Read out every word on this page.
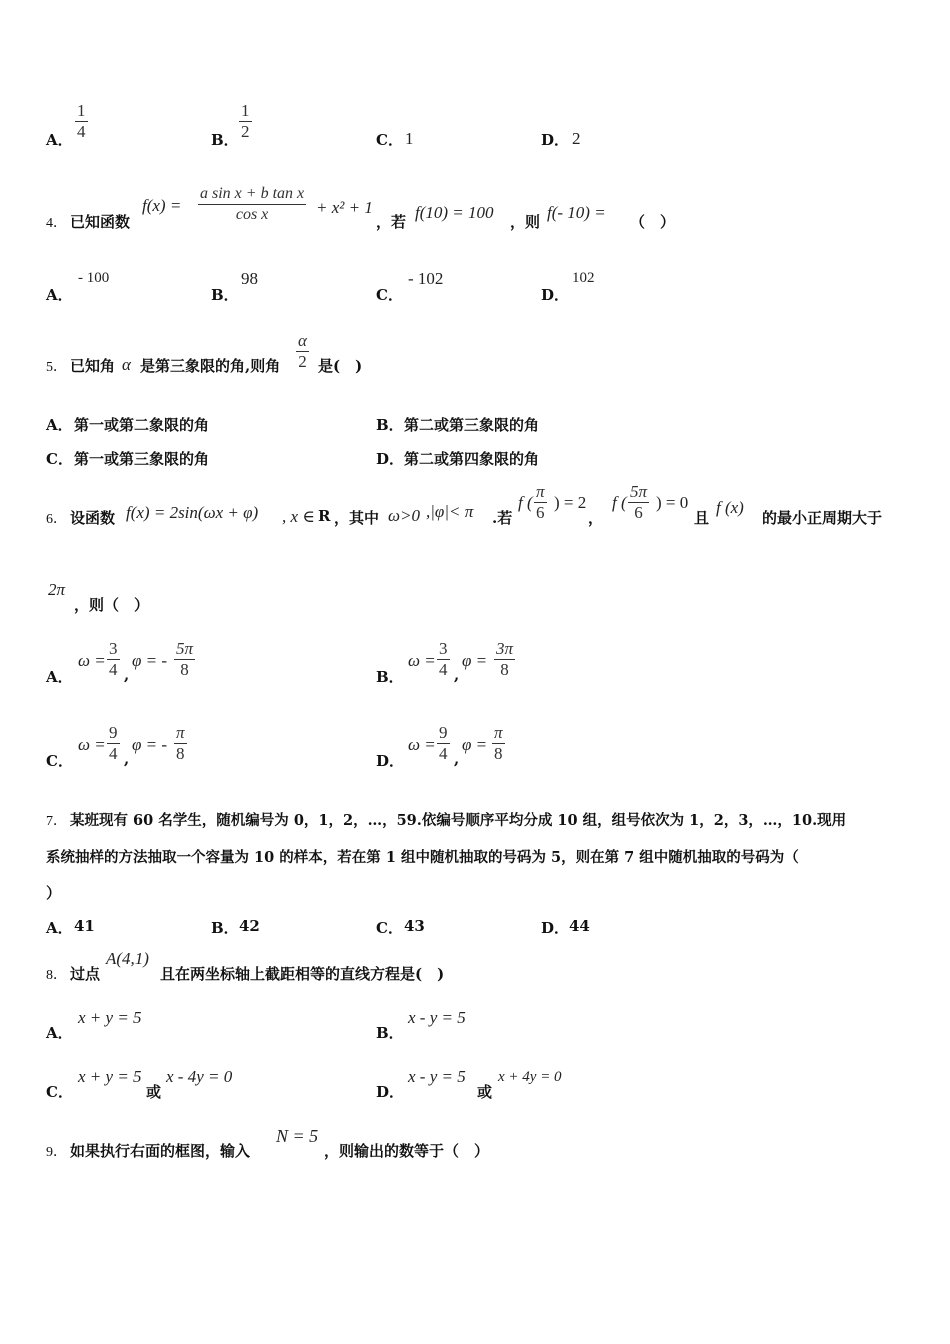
A．
1
4	B．
1
2	C． 1	D． 2
4． 已知函数
f(x) =
a sin x + b tan x
cos x	+ x² + 1
，若 f(10) = 100 ，则 f(- 10) = （　）
A．
- 100
B．
98
C．
- 102
D．
102
5． 已知角 α 是第三象限的角,则角
α
2 是(　)
A． 第一或第二象限的角	B． 第二或第三象限的角
C． 第一或第三象限的角	D． 第二或第四象限的角
6． 设函数 f(x) = 2sin(ωx + φ) , x ∈ R ，其中 ω>0 ,|φ|< π .若
f (
π
6
) = 2
，
f (
5π
6
) = 0
且
f (x)
的最小正周期大于
2π
，则（　）
A．
ω =
3
4 ,
φ = -
5π
8	B．
ω =
3
4 ,
φ =
3π
8
C．
ω =
9
4 ,
φ = -
π
8	D．
ω =
9
4 ,
φ =
π
8
7． 某班现有 60 名学生，随机编号为 0，1，2，…，59.依编号顺序平均分成 10 组，组号依次为 1，2，3，…，10.现用
系统抽样的方法抽取一个容量为 10 的样本，若在第 1 组中随机抽取的号码为 5，则在第 7 组中随机抽取的号码为（
）
A． 41	B． 42	C． 43	D． 44
8． 过点
A(4,1)
且在两坐标轴上截距相等的直线方程是(　)
A．
x + y = 5
B．
x - y = 5
C．
x + y = 5
或
x - 4y = 0
D．
x - y = 5
或
x + 4y = 0
9． 如果执行右面的框图，输入
N = 5
，则输出的数等于（　）
